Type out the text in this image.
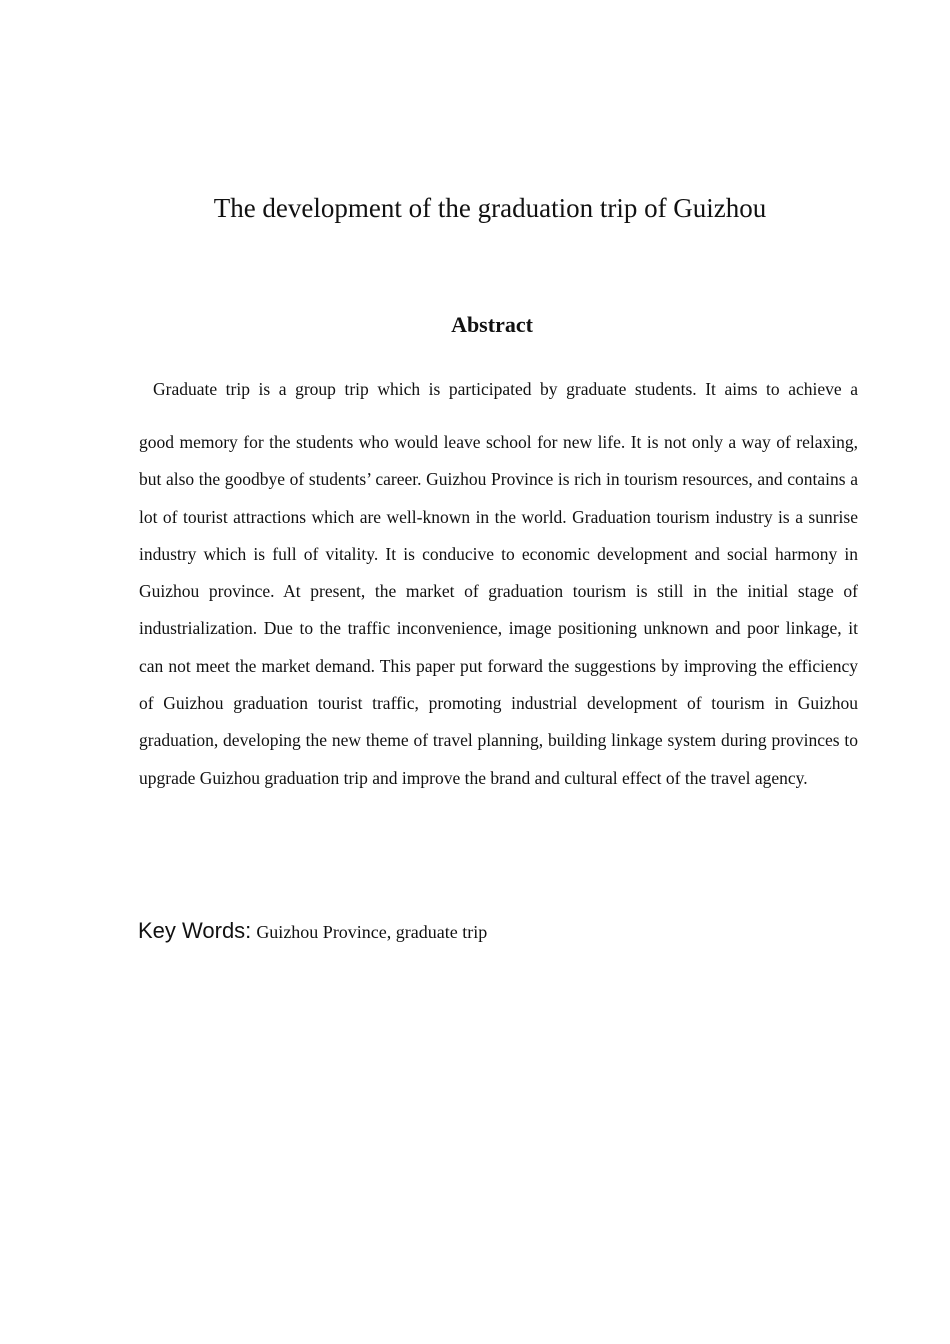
The development of the graduation trip of Guizhou
Abstract

Graduate trip is a group trip which is participated by graduate students. It aims to achieve a

good memory for the students who would leave school for new life. It is not only a way of relaxing, but also the goodbye of students’ career. Guizhou Province is rich in tourism resources, and contains a lot of tourist attractions which are well-known in the world. Graduation tourism industry is a sunrise industry which is full of vitality. It is conducive to economic development and social harmony in Guizhou province. At present, the market of graduation tourism is still in the initial stage of industrialization. Due to the traffic inconvenience, image positioning unknown and poor linkage, it can not meet the market demand. This paper put forward the suggestions by improving the efficiency of Guizhou graduation tourist traffic, promoting industrial development of tourism in Guizhou graduation, developing the new theme of travel planning, building linkage system during provinces to upgrade Guizhou graduation trip and improve the brand and cultural effect of the travel agency.

Key Words: Guizhou Province, graduate trip
